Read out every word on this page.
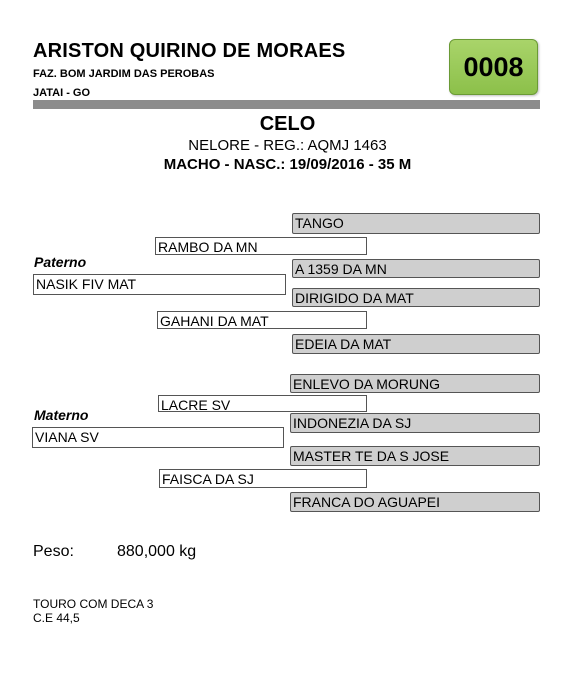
ARISTON QUIRINO DE MORAES
FAZ. BOM JARDIM DAS PEROBAS
JATAI - GO
0008
CELO
NELORE - REG.: AQMJ 1463
MACHO - NASC.: 19/09/2016 - 35 M
TANGO
RAMBO DA MN
Paterno	A 1359 DA MN
NASIK FIV MAT
DIRIGIDO DA MAT
GAHANI DA MAT
EDEIA DA MAT
ENLEVO DA MORUNG
LACRE SV
Materno	INDONEZIA DA SJ
VIANA SV
MASTER TE DA S JOSE
FAISCA DA SJ
FRANCA DO AGUAPEI
Peso:	880,000 kg
TOURO COM DECA 3
C.E 44,5
